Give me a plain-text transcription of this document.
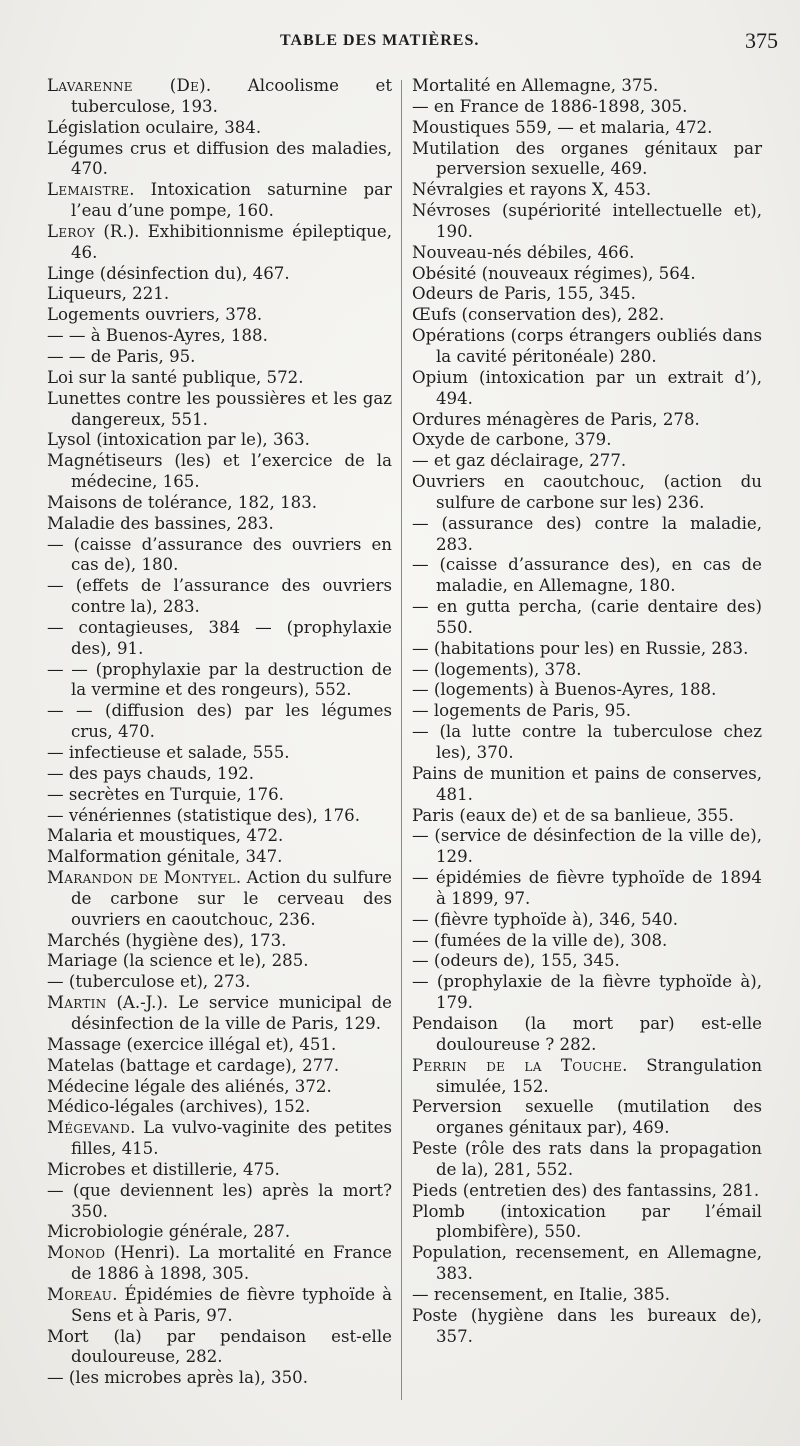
TABLE DES MATIÈRES.	375
Lavarenne (De). Alcoolisme et tuberculose, 193.
Législation oculaire, 384.
Légumes crus et diffusion des maladies, 470.
Lemaistre. Intoxication saturnine par l’eau d’une pompe, 160.
Leroy (R.). Exhibitionnisme épileptique, 46.
Linge (désinfection du), 467.
Liqueurs, 221.
Logements ouvriers, 378.
— — à Buenos-Ayres, 188.
— — de Paris, 95.
Loi sur la santé publique, 572.
Lunettes contre les poussières et les gaz dangereux, 551.
Lysol (intoxication par le), 363.
Magnétiseurs (les) et l’exercice de la médecine, 165.
Maisons de tolérance, 182, 183.
Maladie des bassines, 283.
— (caisse d’assurance des ouvriers en cas de), 180.
— (effets de l’assurance des ouvriers contre la), 283.
— contagieuses, 384 — (prophylaxie des), 91.
— — (prophylaxie par la destruction de la vermine et des rongeurs), 552.
— — (diffusion des) par les légumes crus, 470.
— infectieuse et salade, 555.
— des pays chauds, 192.
— secrètes en Turquie, 176.
— vénériennes (statistique des), 176.
Malaria et moustiques, 472.
Malformation génitale, 347.
Marandon de Montyel. Action du sulfure de carbone sur le cerveau des ouvriers en caoutchouc, 236.
Marchés (hygiène des), 173.
Mariage (la science et le), 285.
— (tuberculose et), 273.
Martin (A.-J.). Le service municipal de désinfection de la ville de Paris, 129.
Massage (exercice illégal et), 451.
Matelas (battage et cardage), 277.
Médecine légale des aliénés, 372.
Médico-légales (archives), 152.
Mégevand. La vulvo-vaginite des petites filles, 415.
Microbes et distillerie, 475.
— (que deviennent les) après la mort? 350.
Microbiologie générale, 287.
Monod (Henri). La mortalité en France de 1886 à 1898, 305.
Moreau. Épidémies de fièvre typhoïde à Sens et à Paris, 97.
Mort (la) par pendaison est-elle douloureuse, 282.
— (les microbes après la), 350.
Mortalité en Allemagne, 375.
— en France de 1886-1898, 305.
Moustiques 559, — et malaria, 472.
Mutilation des organes génitaux par perversion sexuelle, 469.
Névralgies et rayons X, 453.
Névroses (supériorité intellectuelle et), 190.
Nouveau-nés débiles, 466.
Obésité (nouveaux régimes), 564.
Odeurs de Paris, 155, 345.
Œufs (conservation des), 282.
Opérations (corps étrangers oubliés dans la cavité péritonéale) 280.
Opium (intoxication par un extrait d’), 494.
Ordures ménagères de Paris, 278.
Oxyde de carbone, 379.
— et gaz déclairage, 277.
Ouvriers en caoutchouc, (action du sulfure de carbone sur les) 236.
— (assurance des) contre la maladie, 283.
— (caisse d’assurance des), en cas de maladie, en Allemagne, 180.
— en gutta percha, (carie dentaire des) 550.
— (habitations pour les) en Russie, 283.
— (logements), 378.
— (logements) à Buenos-Ayres, 188.
— logements de Paris, 95.
— (la lutte contre la tuberculose chez les), 370.
Pains de munition et pains de conserves, 481.
Paris (eaux de) et de sa banlieue, 355.
— (service de désinfection de la ville de), 129.
— épidémies de fièvre typhoïde de 1894 à 1899, 97.
— (fièvre typhoïde à), 346, 540.
— (fumées de la ville de), 308.
— (odeurs de), 155, 345.
— (prophylaxie de la fièvre typhoïde à), 179.
Pendaison (la mort par) est-elle douloureuse ? 282.
Perrin de la Touche. Strangulation simulée, 152.
Perversion sexuelle (mutilation des organes génitaux par), 469.
Peste (rôle des rats dans la propagation de la), 281, 552.
Pieds (entretien des) des fantassins, 281.
Plomb (intoxication par l’émail plombifère), 550.
Population, recensement, en Allemagne, 383.
— recensement, en Italie, 385.
Poste (hygiène dans les bureaux de), 357.
